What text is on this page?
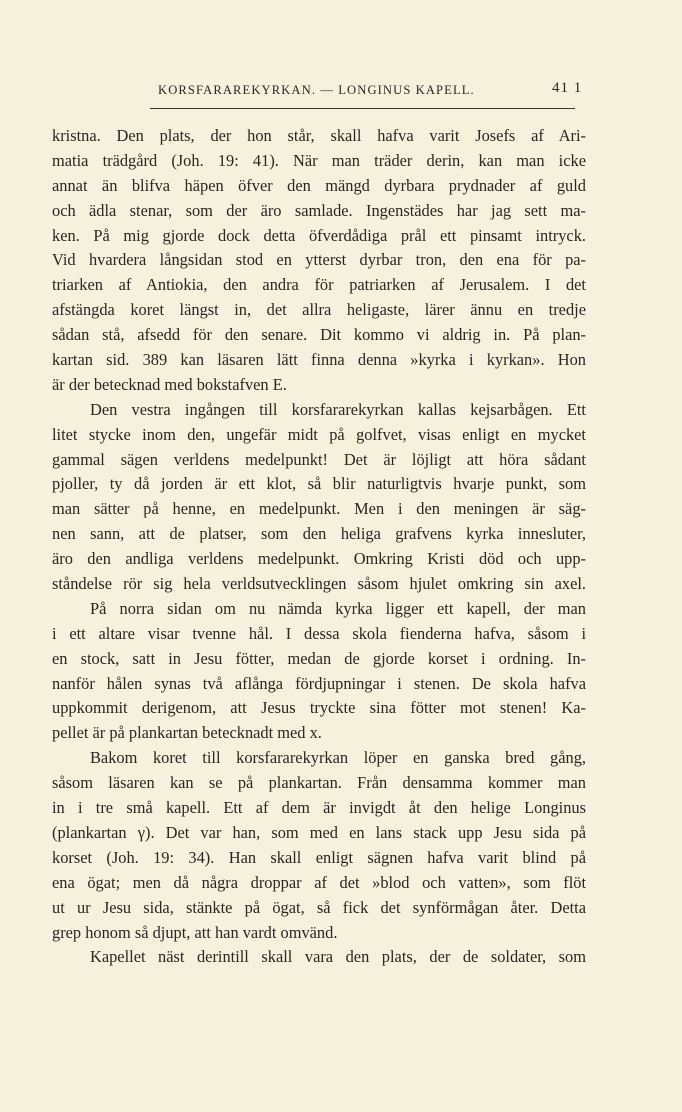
KORSFARAREKYRKAN. — LONGINUS KAPELL.	41 1
kristna. Den plats, der hon står, skall hafva varit Josefs af Ari-
matia trädgård (Joh. 19: 41). När man träder derin, kan man icke
annat än blifva häpen öfver den mängd dyrbara prydnader af guld
och ädla stenar, som der äro samlade. Ingenstädes har jag sett ma-
ken. På mig gjorde dock detta öfverdådiga prål ett pinsamt intryck.
Vid hvardera långsidan stod en ytterst dyrbar tron, den ena för pa-
triarken af Antiokia, den andra för patriarken af Jerusalem. I det
afstängda koret längst in, det allra heligaste, lärer ännu en tredje
sådan stå, afsedd för den senare. Dit kommo vi aldrig in. På plan-
kartan sid. 389 kan läsaren lätt finna denna »kyrka i kyrkan». Hon
är der betecknad med bokstafven E.
Den vestra ingången till korsfararekyrkan kallas kejsarbågen. Ett
litet stycke inom den, ungefär midt på golfvet, visas enligt en mycket
gammal sägen verldens medelpunkt! Det är löjligt att höra sådant
pjoller, ty då jorden är ett klot, så blir naturligtvis hvarje punkt, som
man sätter på henne, en medelpunkt. Men i den meningen är säg-
nen sann, att de platser, som den heliga grafvens kyrka innesluter,
äro den andliga verldens medelpunkt. Omkring Kristi död och upp-
ståndelse rör sig hela verldsutvecklingen såsom hjulet omkring sin axel.
På norra sidan om nu nämda kyrka ligger ett kapell, der man
i ett altare visar tvenne hål. I dessa skola fienderna hafva, såsom i
en stock, satt in Jesu fötter, medan de gjorde korset i ordning. In-
nanför hålen synas två aflånga fördjupningar i stenen. De skola hafva
uppkommit derigenom, att Jesus tryckte sina fötter mot stenen! Ka-
pellet är på plankartan betecknadt med x.
Bakom koret till korsfararekyrkan löper en ganska bred gång,
såsom läsaren kan se på plankartan. Från densamma kommer man
in i tre små kapell. Ett af dem är invigdt åt den helige Longinus
(plankartan γ). Det var han, som med en lans stack upp Jesu sida på
korset (Joh. 19: 34). Han skall enligt sägnen hafva varit blind på
ena ögat; men då några droppar af det »blod och vatten», som flöt
ut ur Jesu sida, stänkte på ögat, så fick det synförmågan åter. Detta
grep honom så djupt, att han vardt omvänd.
Kapellet näst derintill skall vara den plats, der de soldater, som
